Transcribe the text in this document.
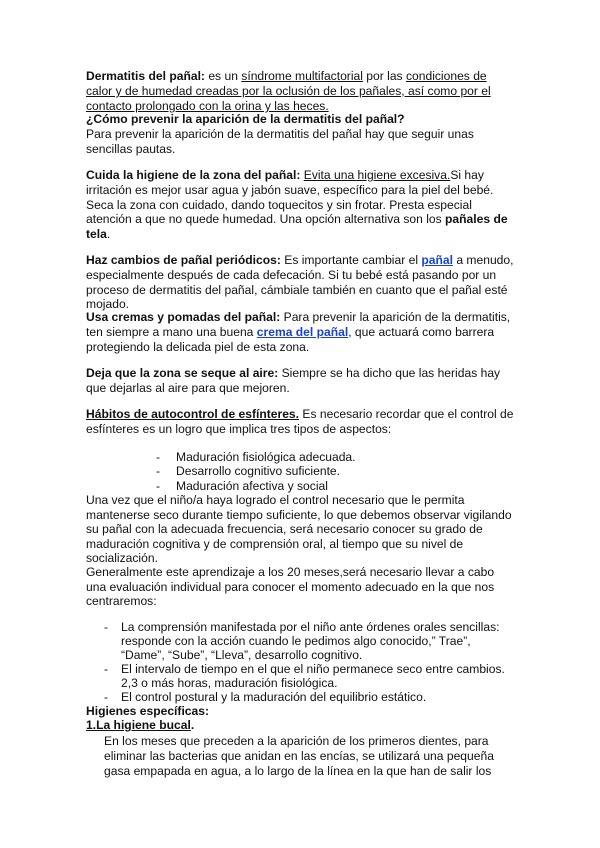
Dermatitis del pañal: es un síndrome multifactorial por las condiciones de
calor y de humedad creadas por la oclusión de los pañales, así como por el
contacto prolongado con la orina y las heces.
¿Cómo prevenir la aparición de la dermatitis del pañal?
Para prevenir la aparición de la dermatitis del pañal hay que seguir unas
sencillas pautas.
Cuida la higiene de la zona del pañal: Evita una higiene excesiva.Si hay
irritación es mejor usar agua y jabón suave, específico para la piel del bebé.
Seca la zona con cuidado, dando toquecitos y sin frotar. Presta especial
atención a que no quede humedad. Una opción alternativa son los pañales de
tela.
Haz cambios de pañal periódicos: Es importante cambiar el pañal a menudo,
especialmente después de cada defecación. Si tu bebé está pasando por un
proceso de dermatitis del pañal, cámbiale también en cuanto que el pañal esté
mojado.
Usa cremas y pomadas del pañal: Para prevenir la aparición de la dermatitis,
ten siempre a mano una buena crema del pañal, que actuará como barrera
protegiendo la delicada piel de esta zona.
Deja que la zona se seque al aire: Siempre se ha dicho que las heridas hay
que dejarlas al aire para que mejoren.
Hábitos de autocontrol de esfínteres. Es necesario recordar que el control de
esfínteres es un logro que implica tres tipos de aspectos:
- Maduración fisiológica adecuada.
- Desarrollo cognitivo suficiente.
- Maduración afectiva y social
Una vez que el niño/a haya logrado el control necesario que le permita
mantenerse seco durante tiempo suficiente, lo que debemos observar vigilando
su pañal con la adecuada frecuencia, será necesario conocer su grado de
maduración cognitiva y de comprensión oral, al tiempo que su nivel de
socialización.
Generalmente este aprendizaje a los 20 meses,será necesario llevar a cabo
una evaluación individual para conocer el momento adecuado en la que nos
centraremos:
- La comprensión manifestada por el niño ante órdenes orales sencillas:
responde con la acción cuando le pedimos algo conocido,” Trae”,
“Dame”, “Sube”, “Lleva”, desarrollo cognitivo.
- El intervalo de tiempo en el que el niño permanece seco entre cambios.
2,3 o más horas, maduración fisiológica.
- El control postural y la maduración del equilibrio estático.
Higienes específicas:
1.La higiene bucal.
En los meses que preceden a la aparición de los primeros dientes, para
eliminar las bacterias que anidan en las encías, se utilizará una pequeña
gasa empapada en agua, a lo largo de la línea en la que han de salir los
